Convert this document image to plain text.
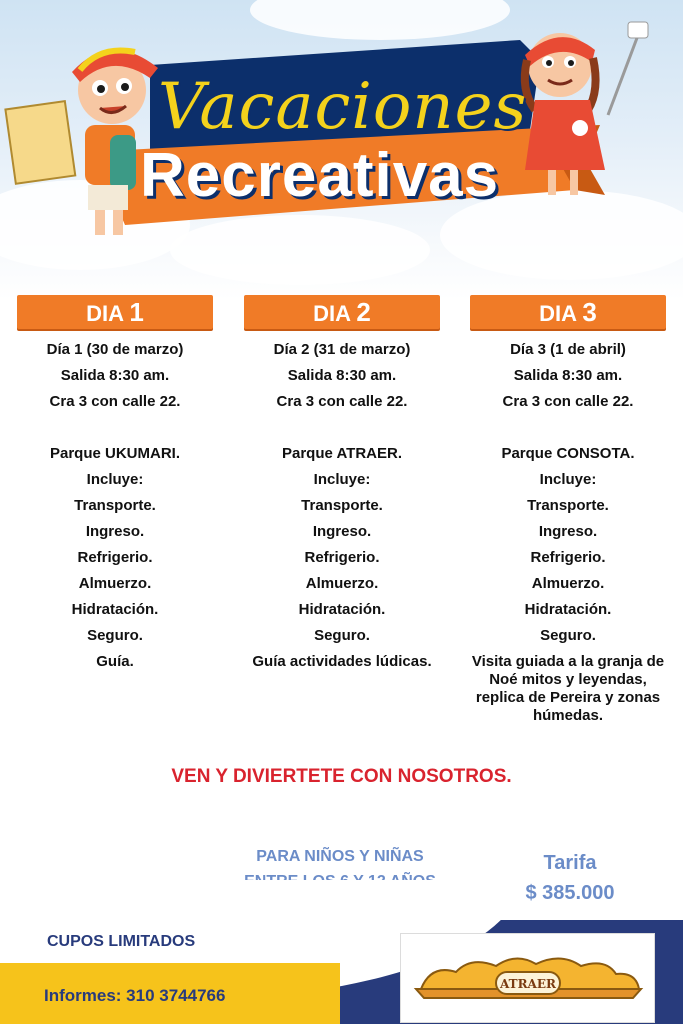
Vacaciones
Recreativas
DIA 1
Día 1 (30 de marzo)
Salida 8:30 am.
Cra 3 con calle 22.
Parque UKUMARI.
Incluye:
Transporte.
Ingreso.
Refrigerio.
Almuerzo.
Hidratación.
Seguro.
Guía.
DIA 2
Día 2 (31 de marzo)
Salida 8:30 am.
Cra 3 con calle 22.
Parque ATRAER.
Incluye:
Transporte.
Ingreso.
Refrigerio.
Almuerzo.
Hidratación.
Seguro.
Guía actividades lúdicas.
DIA 3
Día 3 (1 de abril)
Salida 8:30 am.
Cra 3 con calle 22.
Parque CONSOTA.
Incluye:
Transporte.
Ingreso.
Refrigerio.
Almuerzo.
Hidratación.
Seguro.
Visita guiada a la granja de Noé mitos y leyendas, replica de Pereira y zonas húmedas.
VEN Y DIVIERTETE CON NOSOTROS.
PARA NIÑOS Y NIÑAS	Tarifa
$ 385.000
CUPOS LIMITADOS
Informes: 310 3744766
ATRAER
